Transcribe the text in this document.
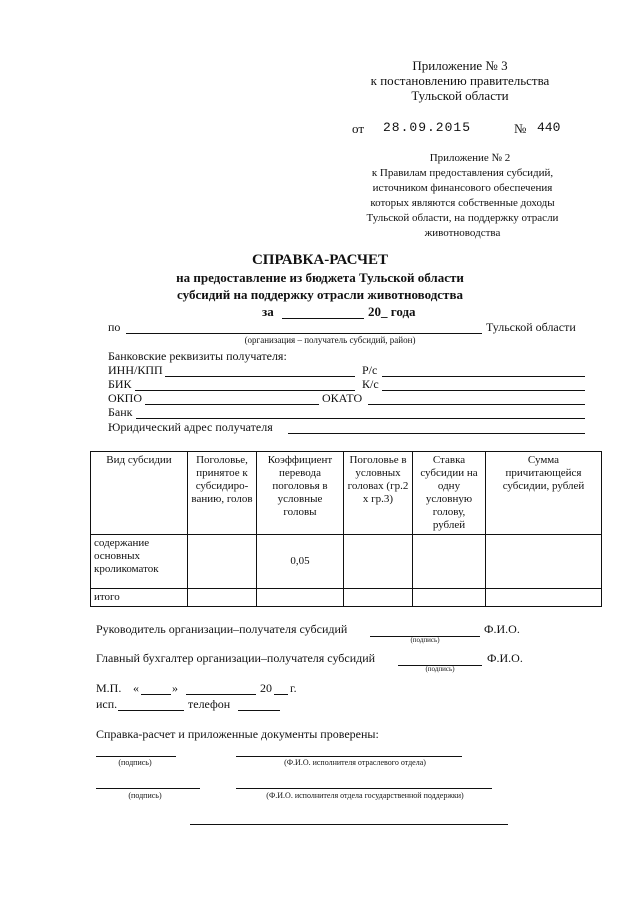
Приложение № 3
к постановлению правительства
Тульской области
от 28.09.2015	№ 440
Приложение № 2
к Правилам предоставления субсидий,
источником финансового обеспечения
которых являются собственные доходы
Тульской области, на поддержку отрасли
животноводства
СПРАВКА-РАСЧЕТ
на предоставление из бюджета Тульской области
субсидий на поддержку отрасли животноводства
за	20_ года
по	Тульской области
(организация – получатель субсидий, район)
Банковские реквизиты получателя:
ИНН/КПП	Р/с
БИК	К/с
ОКПО	ОКАТО
Банк
Юридический адрес получателя
Вид субсидии	Поголовье, принятое к субсидиро-ванию, голов	Коэффициент перевода поголовья в условные головы	Поголовье в условных головах (гр.2 х гр.3)	Ставка субсидии на одну условную голову, рублей	Сумма причитающейся субсидии, рублей
содержание основных кроликоматок		0,05			
итого					
Руководитель организации–получателя субсидий	Ф.И.О.
(подпись)
Главный бухгалтер организации–получателя субсидий	Ф.И.О.
(подпись)
М.П. «	»	20 г.
исп.	телефон
Справка-расчет и приложенные документы проверены:
(подпись)	(Ф.И.О. исполнителя отраслевого отдела)
(подпись)	(Ф.И.О. исполнителя отдела государственной поддержки)
